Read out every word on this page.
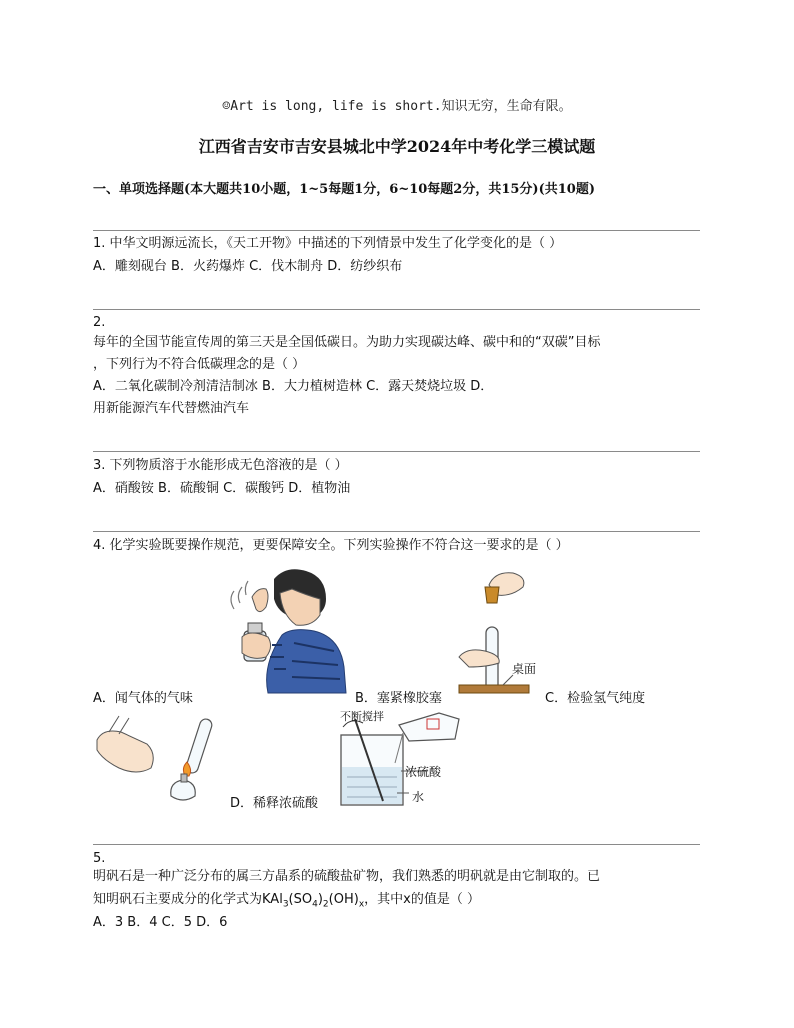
☺Art is long, life is short.知识无穷，生命有限。
江西省吉安市吉安县城北中学2024年中考化学三模试题
一、单项选择题(本大题共10小题，1~5每题1分，6~10每题2分，共15分)(共10题)
1. 中华文明源远流长，《天工开物》中描述的下列情景中发生了化学变化的是（ ）
A．雕刻砚台 B．火药爆炸 C．伐木制舟 D．纺纱织布
2.
每年的全国节能宣传周的第三天是全国低碳日。为助力实现碳达峰、碳中和的“双碳”目标
，下列行为不符合低碳理念的是（ ）
A．二氧化碳制冷剂清洁制冰 B．大力植树造林 C．露天焚烧垃圾 D．
用新能源汽车代替燃油汽车
3. 下列物质溶于水能形成无色溶液的是（ ）
A．硝酸铵 B．硫酸铜 C．碳酸钙 D．植物油
4. 化学实验既要操作规范，更要保障安全。下列实验操作不符合这一要求的是（ ）
A．闻气体的气味	B．塞紧橡胶塞
桌面
C．检验氢气纯度
不断搅拌
浓硫酸
水
D．稀释浓硫酸
5.
明矾石是一种广泛分布的属三方晶系的硫酸盐矿物，我们熟悉的明矾就是由它制取的。已
知明矾石主要成分的化学式为$KAl_3(SO_4)_2(OH)_x$，其中x的值是（ ）
A．3 B．4 C．5 D．6
